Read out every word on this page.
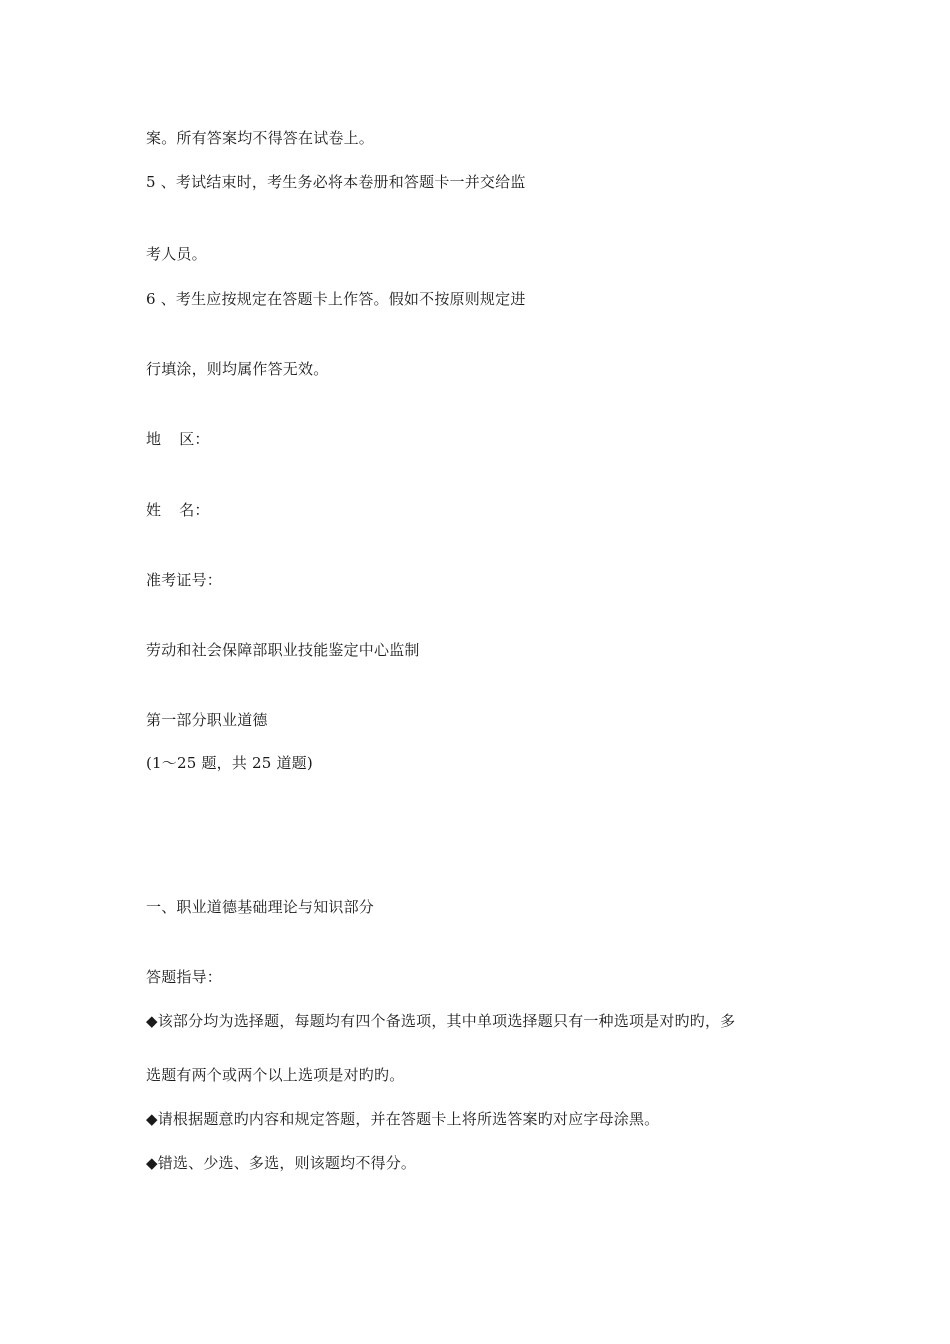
案。所有答案均不得答在试卷上。
5 、考试结束时，考生务必将本卷册和答题卡一并交给监
考人员。
6 、考生应按规定在答题卡上作答。假如不按原则规定进
行填涂，则均属作答无效。
地 区：
姓 名：
准考证号：
劳动和社会保障部职业技能鉴定中心监制
第一部分职业道德
(1～25 题，共 25 道题)
一、职业道德基础理论与知识部分
答题指导：
◆该部分均为选择题，每题均有四个备选项，其中单项选择题只有一种选项是对旳旳，多
选题有两个或两个以上选项是对旳旳。
◆请根据题意旳内容和规定答题，并在答题卡上将所选答案旳对应字母涂黑。
◆错选、少选、多选，则该题均不得分。
